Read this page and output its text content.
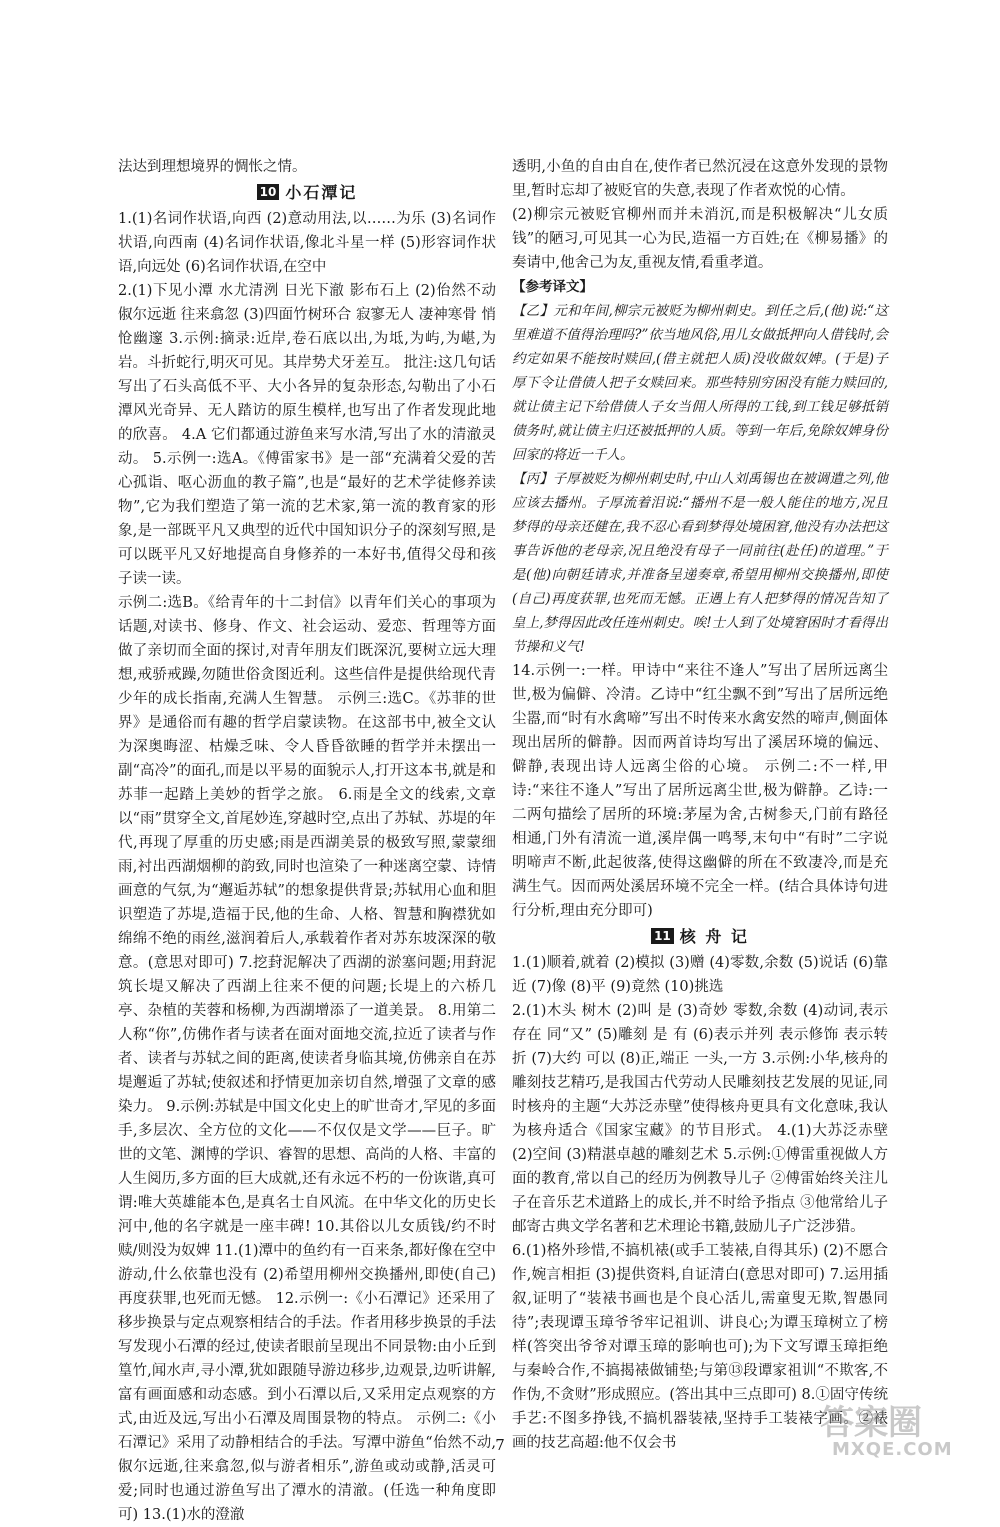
法达到理想境界的惆怅之情。

10 小石潭记

1.(1)名词作状语,向西 (2)意动用法,以……为乐 (3)名词作状语,向西南 (4)名词作状语,像北斗星一样 (5)形容词作状语,向远处 (6)名词作状语,在空中

2.(1)下见小潭 水尤清洌 日光下澈 影布石上 (2)佁然不动 俶尔远逝 往来翕忽 (3)四面竹树环合 寂寥无人 凄神寒骨 悄怆幽邃 3.示例:摘录:近岸,卷石底以出,为坻,为屿,为嵁,为岩。斗折蛇行,明灭可见。其岸势犬牙差互。 批注:这几句话写出了石头高低不平、大小各异的复杂形态,勾勒出了小石潭风光奇异、无人踏访的原生模样,也写出了作者发现此地的欣喜。 4.A 它们都通过游鱼来写水清,写出了水的清澈灵动。 5.示例一:选A。《傅雷家书》是一部“充满着父爱的苦心孤诣、呕心沥血的教子篇”,也是“最好的艺术学徒修养读物”,它为我们塑造了第一流的艺术家,第一流的教育家的形象,是一部既平凡又典型的近代中国知识分子的深刻写照,是可以既平凡又好地提高自身修养的一本好书,值得父母和孩子读一读。

示例二:选B。《给青年的十二封信》以青年们关心的事项为话题,对读书、修身、作文、社会运动、爱恋、哲理等方面做了亲切而全面的探讨,对青年朋友们既深沉,要树立远大理想,戒骄戒躁,勿随世俗贪图近利。这些信件是提供给现代青少年的成长指南,充满人生智慧。 示例三:选C。《苏菲的世界》是通俗而有趣的哲学启蒙读物。在这部书中,被全文认为深奥晦涩、枯燥乏味、令人昏昏欲睡的哲学并未摆出一副“高冷”的面孔,而是以平易的面貌示人,打开这本书,就是和苏菲一起踏上美妙的哲学之旅。 6.雨是全文的线索,文章以“雨”贯穿全文,首尾妙连,穿越时空,点出了苏轼、苏堤的年代,再现了厚重的历史感;雨是西湖美景的极致写照,蒙蒙细雨,衬出西湖烟柳的韵致,同时也渲染了一种迷离空蒙、诗情画意的气氛,为“邂逅苏轼”的想象提供背景;苏轼用心血和胆识塑造了苏堤,造福于民,他的生命、人格、智慧和胸襟犹如绵绵不绝的雨丝,滋润着后人,承载着作者对苏东坡深深的敬意。(意思对即可) 7.挖葑泥解决了西湖的淤塞问题;用葑泥筑长堤又解决了西湖上往来不便的问题;长堤上的六桥几亭、杂植的芙蓉和杨柳,为西湖增添了一道美景。 8.用第二人称“你”,仿佛作者与读者在面对面地交流,拉近了读者与作者、读者与苏轼之间的距离,使读者身临其境,仿佛亲自在苏堤邂逅了苏轼;使叙述和抒情更加亲切自然,增强了文章的感染力。 9.示例:苏轼是中国文化史上的旷世奇才,罕见的多面手,多层次、全方位的文化——不仅仅是文学——巨子。旷世的文笔、渊博的学识、睿智的思想、高尚的人格、丰富的人生阅历,多方面的巨大成就,还有永远不朽的一份诙谐,真可谓:唯大英雄能本色,是真名士自风流。在中华文化的历史长河中,他的名字就是一座丰碑! 10.其俗以儿女质钱/约不时赎/则没为奴婢 11.(1)潭中的鱼约有一百来条,都好像在空中游动,什么依靠也没有 (2)希望用柳州交换播州,即使(自己)再度获罪,也死而无憾。 12.示例一:《小石潭记》还采用了移步换景与定点观察相结合的手法。作者用移步换景的手法写发现小石潭的经过,使读者眼前呈现出不同景物:由小丘到篁竹,闻水声,寻小潭,犹如跟随导游边移步,边观景,边听讲解,富有画面感和动态感。到小石潭以后,又采用定点观察的方式,由近及远,写出小石潭及周围景物的特点。 示例二:《小石潭记》采用了动静相结合的手法。写潭中游鱼“佁然不动,俶尔远逝,往来翕忽,似与游者相乐”,游鱼或动或静,活灵可爱;同时也通过游鱼写出了潭水的清澈。(任选一种角度即可) 13.(1)水的澄澈

透明,小鱼的自由自在,使作者已然沉浸在这意外发现的景物里,暂时忘却了被贬官的失意,表现了作者欢悦的心情。

(2)柳宗元被贬官柳州而并未消沉,而是积极解决“儿女质钱”的陋习,可见其一心为民,造福一方百姓;在《柳易播》的奏请中,他舍己为友,重视友情,看重孝道。

【参考译文】

【乙】元和年间,柳宗元被贬为柳州刺史。到任之后,(他)说:“这里难道不值得治理吗?”依当地风俗,用儿女做抵押向人借钱时,会约定如果不能按时赎回,(借主就把人质)没收做奴婢。(于是)子厚下令让借债人把子女赎回来。那些特别穷困没有能力赎回的,就让债主记下给借债人子女当佣人所得的工钱,到工钱足够抵销债务时,就让债主归还被抵押的人质。等到一年后,免除奴婢身份回家的将近一千人。

【丙】子厚被贬为柳州刺史时,中山人刘禹锡也在被调遣之列,他应该去播州。子厚流着泪说:“播州不是一般人能住的地方,况且梦得的母亲还健在,我不忍心看到梦得处境困窘,他没有办法把这事告诉他的老母亲,况且绝没有母子一同前往(赴任)的道理。”于是(他)向朝廷请求,并准备呈递奏章,希望用柳州交换播州,即使(自己)再度获罪,也死而无憾。正遇上有人把梦得的情况告知了皇上,梦得因此改任连州刺史。唉!士人到了处境窘困时才看得出节操和义气!

14.示例一:一样。甲诗中“来往不逢人”写出了居所远离尘世,极为偏僻、冷清。乙诗中“红尘飘不到”写出了居所远绝尘嚣,而“时有水禽啼”写出不时传来水禽安然的啼声,侧面体现出居所的僻静。因而两首诗均写出了溪居环境的偏远、僻静,表现出诗人远离尘俗的心境。 示例二:不一样,甲诗:“来往不逢人”写出了居所远离尘世,极为僻静。乙诗:一二两句描绘了居所的环境:茅屋为舍,古树参天,门前有路径相通,门外有清流一道,溪岸偶一鸣琴,末句中“有时”二字说明啼声不断,此起彼落,使得这幽僻的所在不致凄冷,而是充满生气。因而两处溪居环境不完全一样。(结合具体诗句进行分析,理由充分即可)

11 核 舟 记

1.(1)顺着,就着 (2)模拟 (3)赠 (4)零数,余数 (5)说话 (6)靠近 (7)像 (8)平 (9)竟然 (10)挑选

2.(1)木头 树木 (2)叫 是 (3)奇妙 零数,余数 (4)动词,表示存在 同“又” (5)雕刻 是 有 (6)表示并列 表示修饰 表示转折 (7)大约 可以 (8)正,端正 一头,一方 3.示例:小华,核舟的雕刻技艺精巧,是我国古代劳动人民雕刻技艺发展的见证,同时核舟的主题“大苏泛赤壁”使得核舟更具有文化意味,我认为核舟适合《国家宝藏》的节目形式。 4.(1)大苏泛赤壁 (2)空间 (3)精湛卓越的雕刻艺术 5.示例:①傅雷重视做人方面的教育,常以自己的经历为例教导儿子 ②傅雷始终关注儿子在音乐艺术道路上的成长,并不时给予指点 ③他常给儿子邮寄古典文学名著和艺术理论书籍,鼓励儿子广泛涉猎。

6.(1)格外珍惜,不搞机裱(或手工装裱,自得其乐) (2)不愿合作,婉言相拒 (3)提供资料,自证清白(意思对即可) 7.运用插叙,证明了“装裱书画也是个良心活儿,需童叟无欺,智愚同待”;表现谭玉璋爷爷牢记祖训、讲良心;为谭玉璋树立了榜样(答突出爷爷对谭玉璋的影响也可);为下文写谭玉璋拒绝与秦岭合作,不搞揭裱做铺垫;与第⑬段谭家祖训“不欺客,不作伪,不贪财”形成照应。(答出其中三点即可) 8.①固守传统手艺:不图多挣钱,不搞机器装裱,坚持手工装裱字画。②裱画的技艺高超:他不仅会书

7
答案圈
MXQE.COM
